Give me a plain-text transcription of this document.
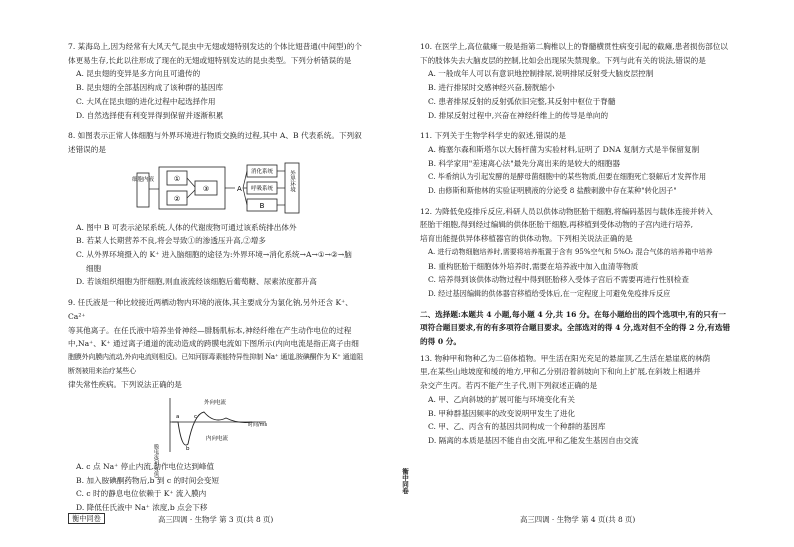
7. 某海岛上,因为经常有大风天气,昆虫中无翅或翅特别发达的个体比翅普通(中间型)的个体更易生存,长此以往形成了现在的无翅或翅特别发达的昆虫类型。下列分析错误的是

A. 昆虫翅的变异是多方向且可遗传的
B. 昆虫翅的全部基因构成了该种群的基因库
C. 大风在昆虫翅的进化过程中起选择作用
D. 自然选择使有利变异得到保留并逐渐积累

8. 如图表示正常人体细胞与外界环境进行物质交换的过程,其中 A、B 代表系统。下列叙述错误的是

细胞内液	①
②
③	A
消化系统
呼吸系统
B
外界环境
A. 图中 B 可表示泌尿系统,人体的代谢废物可通过该系统排出体外
B. 若某人长期营养不良,将会导致①的渗透压升高,②增多
C. 从外界环境摄入的 K⁺ 进入脑细胞的途径为:外界环境→消化系统→A→①→②→脑
细胞
D. 若该组织细胞为肝细胞,则血液流经该细胞后葡萄糖、尿素浓度都升高

9. 任氏液是一种比较接近两栖动物内环境的液体,其主要成分为氯化钠,另外还含 K⁺、Ca²⁺

等其他离子。在任氏液中培养坐骨神经—腓肠肌标本,神经纤维在产生动作电位的过程

中,Na⁺、K⁺ 通过离子通道的流动造成的跨膜电流如下图所示(内向电流是指正离子由细

胞膜外向膜内流动,外向电流则相反)。已知河豚毒素能特异性抑制 Na⁺ 通道,胺碘酮作为 K⁺ 通道阻断剂被用来治疗某些心

律失常性疾病。下列说法正确的是

膜电流(相对值)
外向电流
内向电流
时间/ms
a
b
c
A. c 点 Na⁺ 停止内流,动作电位达到峰值
B. 加入胺碘酮药物后,b 到 c 的时间会变短
C. c 时的静息电位依赖于 K⁺ 流入膜内
D. 降低任氏液中 Na⁺ 浓度,b 点会下移
衡中同卷	高三四调 · 生物学 第 3 页(共 8 页)
衡中同卷

10. 在医学上,高位截瘫一般是指第二胸椎以上的脊髓横贯性病变引起的截瘫,患者损伤部位以下的肢体失去大脑皮层的控制,比如会出现尿失禁现象。下列与此有关的说法,错误的是

A. 一般成年人可以有意识地控制排尿,说明排尿反射受大脑皮层控制
B. 进行排尿时交感神经兴奋,膀胱缩小
C. 患者排尿反射的反射弧依旧完整,其反射中枢位于脊髓
D. 排尿反射过程中,兴奋在神经纤维上的传导是单向的

11. 下列关于生物学科学史的叙述,错误的是

A. 梅塞尔森和斯塔尔以大肠杆菌为实验材料,证明了 DNA 复制方式是半保留复制
B. 科学家用"差速离心法"最先分离出来的是较大的细胞器
C. 毕希纳认为引起发酵的是酵母菌细胞中的某些物质,但要在细胞死亡裂解后才发挥作用
D. 由修斯和斯他林的实验证明胰液的分泌受 8 盐酸刺激中存在某种"转化因子"

12. 为降低免疫排斥反应,科研人员以供体动物胚胎干细胞,将编码基因与载体连接并转入

胚胎干细胞,得到经过编辑的供体胚胎干细胞,再移植到受体动物的子宫内进行培养,

培育出能提供异体移植器官的供体动物。下列相关说法正确的是

A. 进行动物细胞培养时,需要将培养瓶置于含有 95%空气和 5%O₂ 混合气体的培养箱中培养
B. 重构胚胎干细胞体外培养时,需要在培养液中加入血清等物质
C. 培养得到该供体动物过程中得到胚胎移入受体子宫后不需要再进行性别检查
D. 经过基因编辑的供体器官移植给受体后,在一定程度上可避免免疫排斥反应

二、选择题:本题共 4 小题,每小题 4 分,共 16 分。在每小题给出的四个选项中,有的只有一项符合题目要求,有的有多项符合题目要求。全部选对的得 4 分,选对但不全的得 2 分,有选错的得 0 分。

13. 物种甲和物种乙为二倍体植物。甲生活在阳光充足的悬崖顶,乙生活在悬崖底的林荫

里,在某些山地坡度和缓的地方,甲和乙分别沿着斜坡向下和向上扩展,在斜坡上相遇并

杂交产生丙。若丙不能产生子代,则下列叙述正确的是

A. 甲、乙向斜坡的扩展可能与环境变化有关
B. 甲种群基因频率的改变说明甲发生了进化
C. 甲、乙、丙含有的基因共同构成一个种群的基因库
D. 隔离的本质是基因不能自由交流,甲和乙能发生基因自由交流
高三四调 · 生物学 第 4 页(共 8 页)
